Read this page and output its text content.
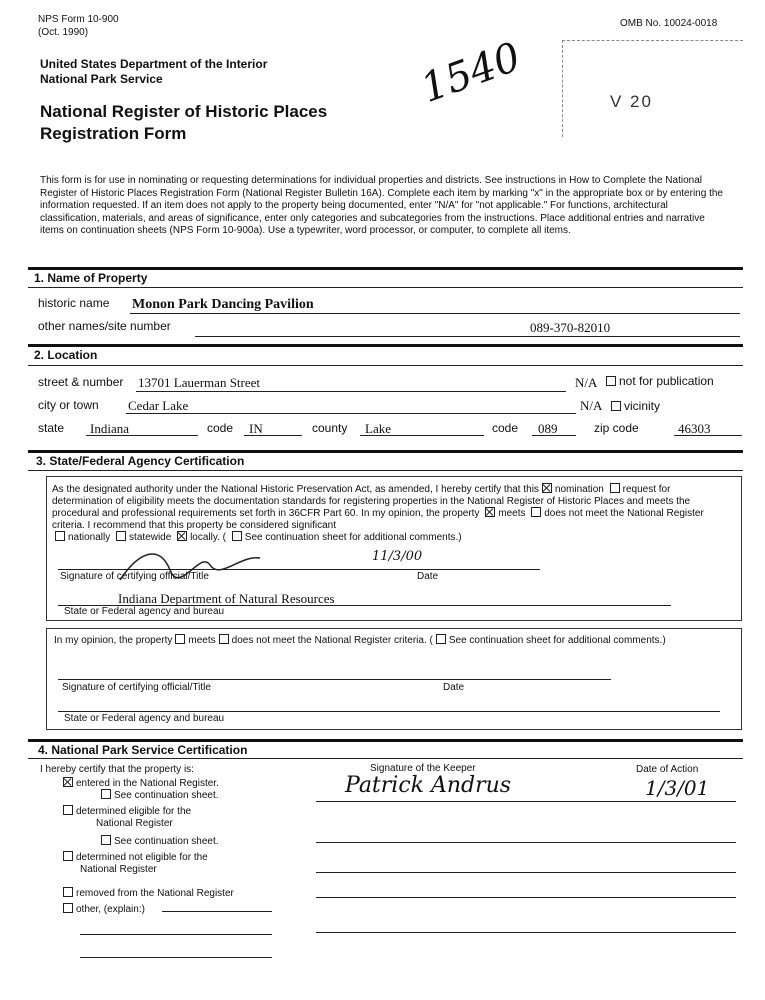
NPS Form 10-900
(Oct. 1990)
OMB No. 10024-0018
United States Department of the Interior
National Park Service
National Register of Historic Places
Registration Form
1540	V 20
This form is for use in nominating or requesting determinations for individual properties and districts. See instructions in How to Complete the National Register of Historic Places Registration Form (National Register Bulletin 16A). Complete each item by marking "x" in the appropriate box or by entering the information requested. If an item does not apply to the property being documented, enter "N/A" for "not applicable." For functions, architectural classification, materials, and areas of significance, enter only categories and subcategories from the instructions. Place additional entries and narrative items on continuation sheets (NPS Form 10-900a). Use a typewriter, word processor, or computer, to complete all items.
1. Name of Property
historic name Monon Park Dancing Pavilion
other names/site number	089-370-82010
2. Location
street & number 13701 Lauerman Street	N/A	not for publication
city or town Cedar Lake	N/A	vicinity
state Indiana	code IN	county Lake	code 089	zip code	46303
3. State/Federal Agency Certification
As the designated authority under the National Historic Preservation Act, as amended, I hereby certify that this nomination request for determination of eligibility meets the documentation standards for registering properties in the National Register of Historic Places and meets the procedural and professional requirements set forth in 36CFR Part 60. In my opinion, the property meets does not meet the National Register criteria. I recommend that this property be considered significant
nationally statewide locally. ( See continuation sheet for additional comments.)
11/3/00
Signature of certifying official/Title	Date
Indiana Department of Natural Resources
State or Federal agency and bureau
In my opinion, the property meets does not meet the National Register criteria. ( See continuation sheet for additional comments.)
Signature of certifying official/Title	Date
State or Federal agency and bureau
4. National Park Service Certification
I hereby certify that the property is:
entered in the National Register.
See continuation sheet.
determined eligible for the
National Register
See continuation sheet.
determined not eligible for the
National Register
removed from the National Register
other, (explain:)
Signature of the Keeper	Date of Action
Patrick Andrus	1/3/01
